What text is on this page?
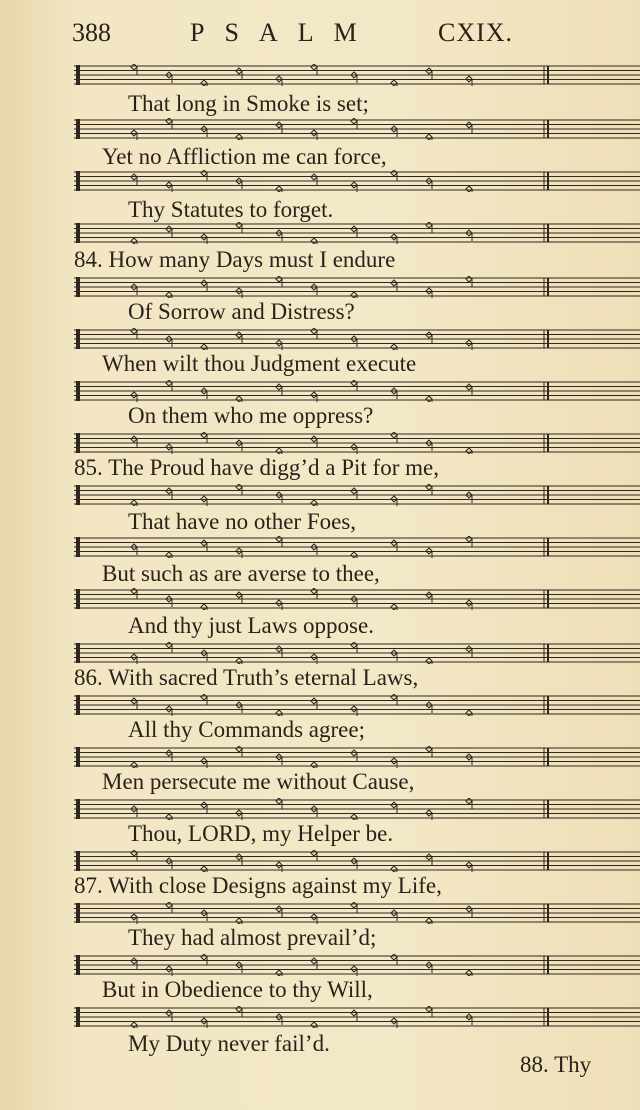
388	PSALM CXIX.
That long in Smoke is set;
Yet no Affliction me can force,
Thy Statutes to forget.
84. How many Days must I endure
Of Sorrow and Distress?
When wilt thou Judgment execute
On them who me oppress?
85. The Proud have digg’d a Pit for me,
That have no other Foes,
But such as are averse to thee,
And thy just Laws oppose.
86. With sacred Truth’s eternal Laws,
All thy Commands agree;
Men persecute me without Cause,
Thou, LORD, my Helper be.
87. With close Designs against my Life,
They had almost prevail’d;
But in Obedience to thy Will,
My Duty never fail’d.
88. Thy
